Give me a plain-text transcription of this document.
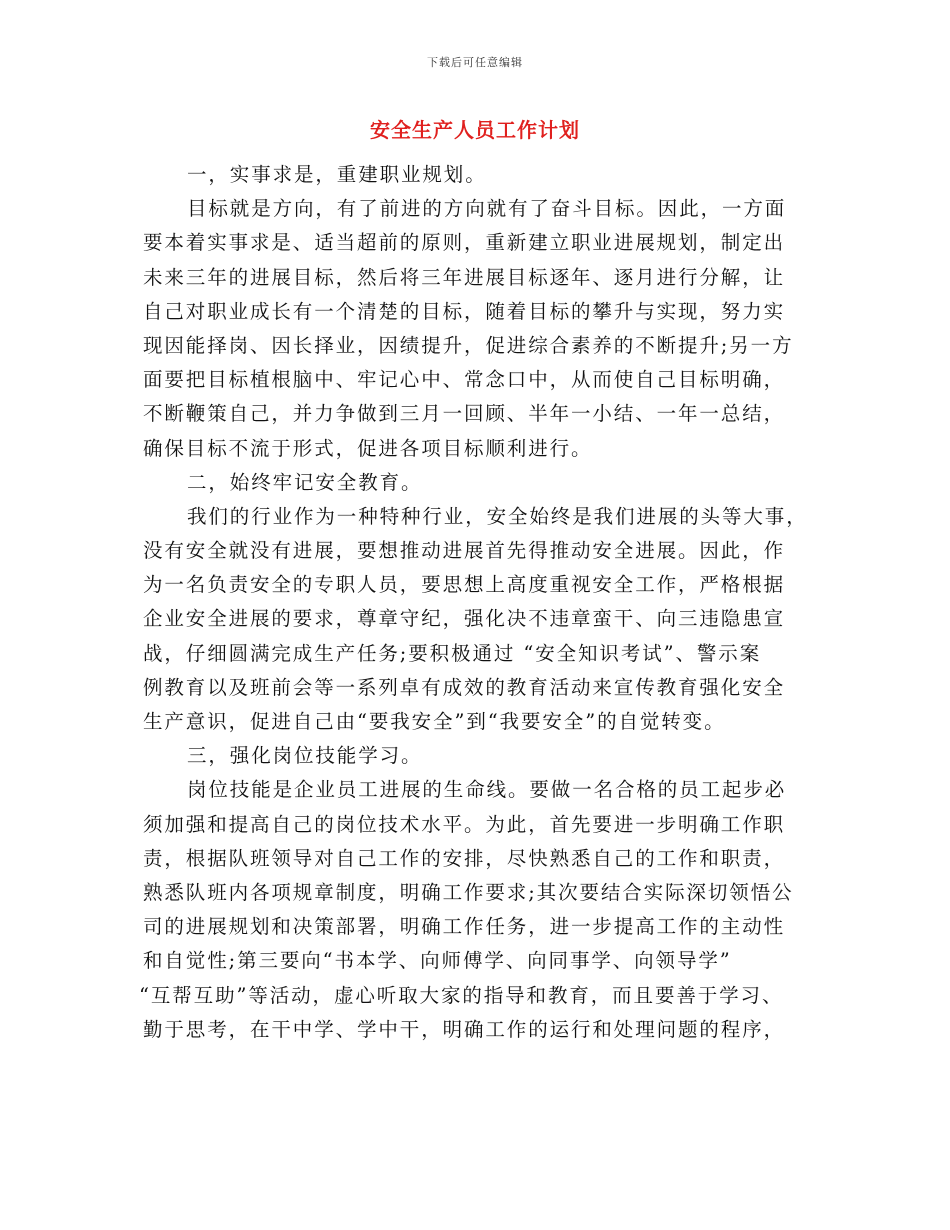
下载后可任意编辑
安全生产人员工作计划
一，实事求是，重建职业规划。
目标就是方向，有了前进的方向就有了奋斗目标。因此，一方面
要本着实事求是、适当超前的原则，重新建立职业进展规划，制定出
未来三年的进展目标，然后将三年进展目标逐年、逐月进行分解，让
自己对职业成长有一个清楚的目标，随着目标的攀升与实现，努力实
现因能择岗、因长择业，因绩提升，促进综合素养的不断提升;另一方
面要把目标植根脑中、牢记心中、常念口中，从而使自己目标明确，
不断鞭策自己，并力争做到三月一回顾、半年一小结、一年一总结，
确保目标不流于形式，促进各项目标顺利进行。
二，始终牢记安全教育。
我们的行业作为一种特种行业，安全始终是我们进展的头等大事，
没有安全就没有进展，要想推动进展首先得推动安全进展。因此，作
为一名负责安全的专职人员，要思想上高度重视安全工作，严格根据
企业安全进展的要求，尊章守纪，强化决不违章蛮干、向三违隐患宣
战，仔细圆满完成生产任务;要积极通过 “安全知识考试”、警示案
例教育以及班前会等一系列卓有成效的教育活动来宣传教育强化安全
生产意识，促进自己由“要我安全”到“我要安全”的自觉转变。
三，强化岗位技能学习。
岗位技能是企业员工进展的生命线。要做一名合格的员工起步必
须加强和提高自己的岗位技术水平。为此，首先要进一步明确工作职
责，根据队班领导对自己工作的安排，尽快熟悉自己的工作和职责，
熟悉队班内各项规章制度，明确工作要求;其次要结合实际深切领悟公
司的进展规划和决策部署，明确工作任务，进一步提高工作的主动性
和自觉性;第三要向“书本学、向师傅学、向同事学、向领导学”
“互帮互助”等活动，虚心听取大家的指导和教育，而且要善于学习、
勤于思考，在干中学、学中干，明确工作的运行和处理问题的程序，
